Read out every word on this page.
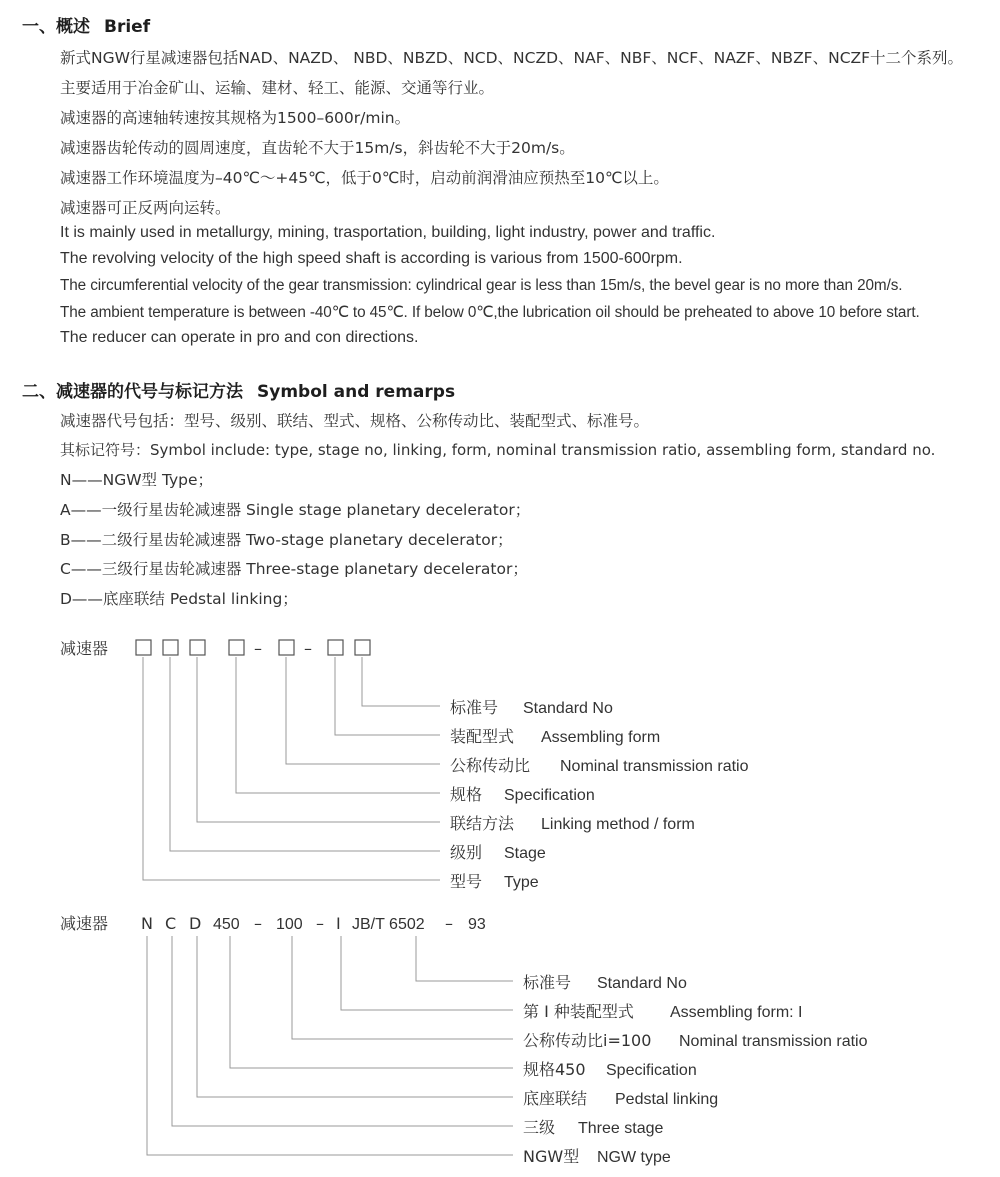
一、概述 Brief

新式NGW行星减速器包括NAD、NAZD、 NBD、NBZD、NCD、NCZD、NAF、NBF、NCF、NAZF、NBZF、NCZF十二个系列。

主要适用于冶金矿山、运输、建材、轻工、能源、交通等行业。

减速器的高速轴转速按其规格为1500–600r/min。

减速器齿轮传动的圆周速度，直齿轮不大于15m/s，斜齿轮不大于20m/s。

减速器工作环境温度为–40℃～+45℃，低于0℃时，启动前润滑油应预热至10℃以上。

减速器可正反两向运转。

It is mainly used in metallurgy, mining, trasportation, building, light industry, power and traffic.

The revolving velocity of the high speed shaft is according is various from 1500-600rpm.

The circumferential velocity of the gear transmission: cylindrical gear is less than 15m/s, the bevel gear is no more than 20m/s.

The ambient temperature is between -40℃ to 45℃. If below 0℃,the lubrication oil should be preheated to above 10 before start.

The reducer can operate in pro and con directions.

二、减速器的代号与标记方法 Symbol and remarps

减速器代号包括：型号、级别、联结、型式、规格、公称传动比、装配型式、标准号。

其标记符号：Symbol include: type, stage no, linking, form, nominal transmission ratio, assembling form, standard no.

N——NGW型 Type；

A——一级行星齿轮减速器 Single stage planetary decelerator；

B——二级行星齿轮减速器 Two-stage planetary decelerator；

C——三级行星齿轮减速器 Three-stage planetary decelerator；

D——底座联结 Pedstal linking；

减速器	–	–
标准号 Standard No
装配型式 Assembling form
公称传动比 Nominal transmission ratio
规格 Specification
联结方法 Linking method / form
级别 Stage
型号 Type
减速器 N C D 450 – 100 – I JB/T 6502 – 93
标准号 Standard No
第 I 种装配型式 Assembling form: I
公称传动比i=100 Nominal transmission ratio
规格450 Specification
底座联结 Pedstal linking
三级 Three stage
NGW型 NGW type
